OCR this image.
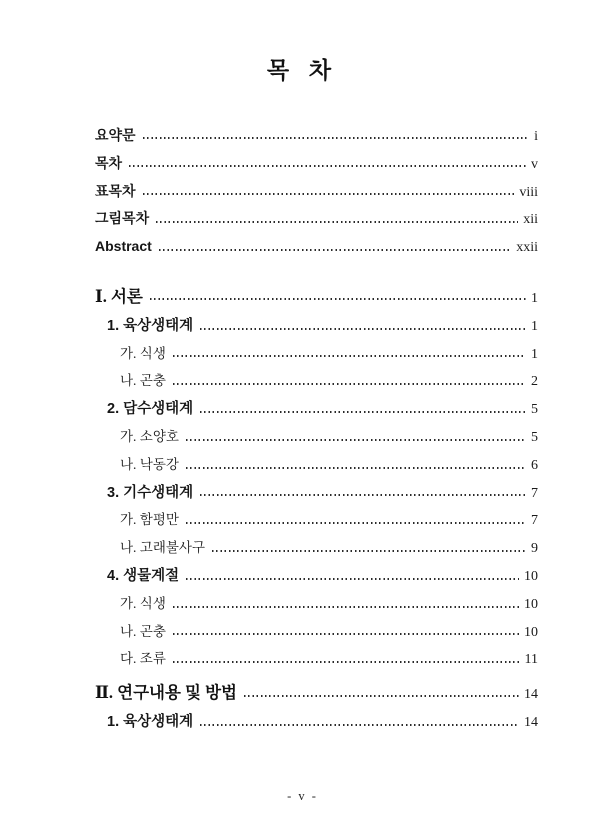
목 차
요약문	i
목차	v
표목차	viii
그림목차	xii
Abstract	xxii
Ⅰ. 서론	1
1. 육상생태계	1
가. 식생	1
나. 곤충	2
2. 담수생태계	5
가. 소양호	5
나. 낙동강	6
3. 기수생태계	7
가. 함평만	7
나. 고래불사구	9
4. 생물계절	10
가. 식생	10
나. 곤충	10
다. 조류	11
Ⅱ. 연구내용 및 방법	14
1. 육상생태계	14
- v -
